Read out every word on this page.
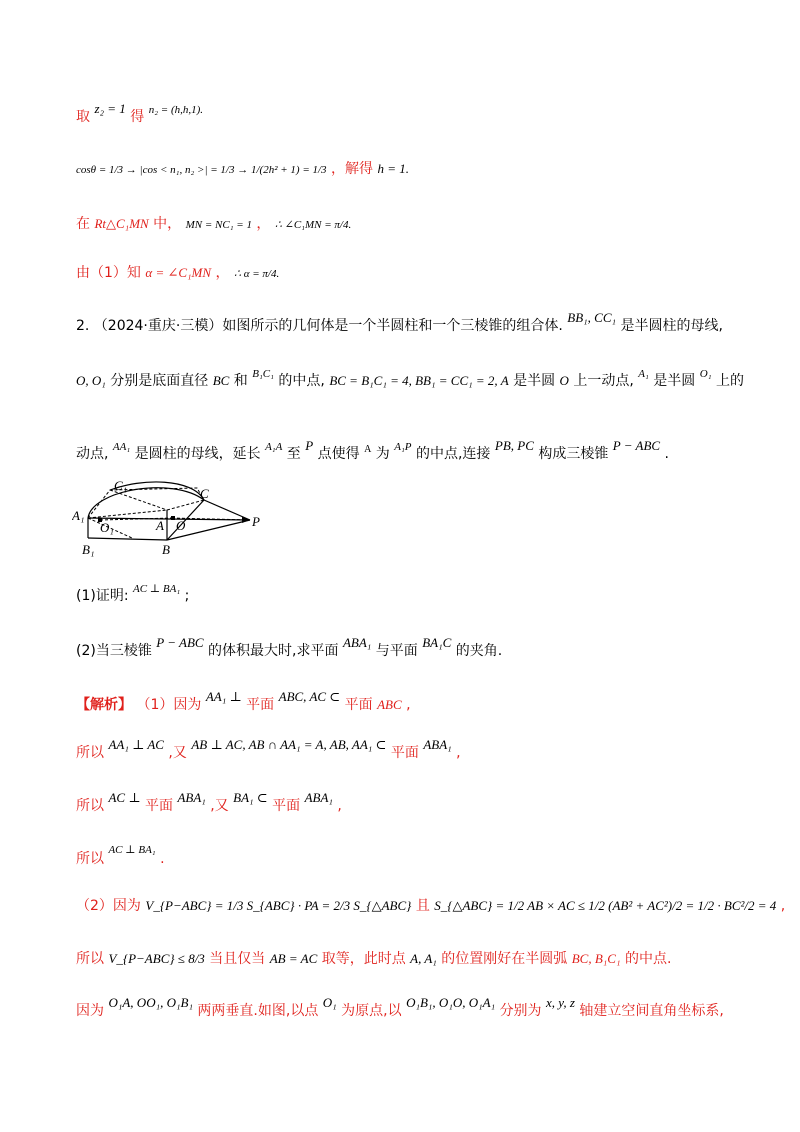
取 z₂ = 1 得 $^{n_2 = (h,h,1).}$
cosθ = 1/3 → |cos < n₁, n₂ >| = 1/3 → 1/(2h² + 1) = 1/3 ，解得 h = 1.
在 Rt△C₁MN 中， MN = NC₁ = 1 ， ∴ ∠C₁MN = π/4.
由（1）知 α = ∠C₁MN ， ∴ α = π/4.
2. （2024·重庆·三模）如图所示的几何体是一个半圆柱和一个三棱锥的组合体. BB₁, CC₁ 是半圆柱的母线,
O, O₁ 分别是底面直径 BC 和 $^{B_1C_1}$ 的中点, BC = B₁C₁ = 4, BB₁ = CC₁ = 2, A 是半圆 O 上一动点, $^{A_1}$ 是半圆 $^{O_1}$ 上的
动点, $^{AA_1}$ 是圆柱的母线，延长 $^{A_1A}$ 至 P 点使得 $^A$ 为 $^{A_1P}$ 的中点,连接 PB, PC 构成三棱锥 P − ABC .
C₁
C
A₁
O₁	A O	P
B₁	B
(1)证明: $^{AC \perp BA_1}$ ;
(2)当三棱锥 P − ABC 的体积最大时,求平面 ABA₁ 与平面 BA₁C 的夹角.
【解析】 （1）因为 AA₁ ⊥ 平面 ABC, AC ⊂ 平面 ABC ,
所以 AA₁ ⊥ AC ,又 AB ⊥ AC, AB ∩ AA₁ = A, AB, AA₁ ⊂ 平面 ABA₁ ,
所以 AC ⊥ 平面 ABA₁ ,又 BA₁ ⊂ 平面 ABA₁ ,
所以 $^{AC \perp BA_1}$ .
（2）因为 V_{P−ABC} = 1/3 S_{ABC} · PA = 2/3 S_{△ABC} 且 S_{△ABC} = 1/2 AB × AC ≤ 1/2 (AB² + AC²)/2 = 1/2 · BC²/2 = 4 ,
所以 V_{P−ABC} ≤ 8/3 当且仅当 AB = AC 取等，此时点 A, A₁ 的位置刚好在半圆弧 BC, B₁C₁ 的中点.
因为 O₁A, OO₁, O₁B₁ 两两垂直.如图,以点 O₁ 为原点,以 O₁B₁, O₁O, O₁A₁ 分别为 x, y, z 轴建立空间直角坐标系,
